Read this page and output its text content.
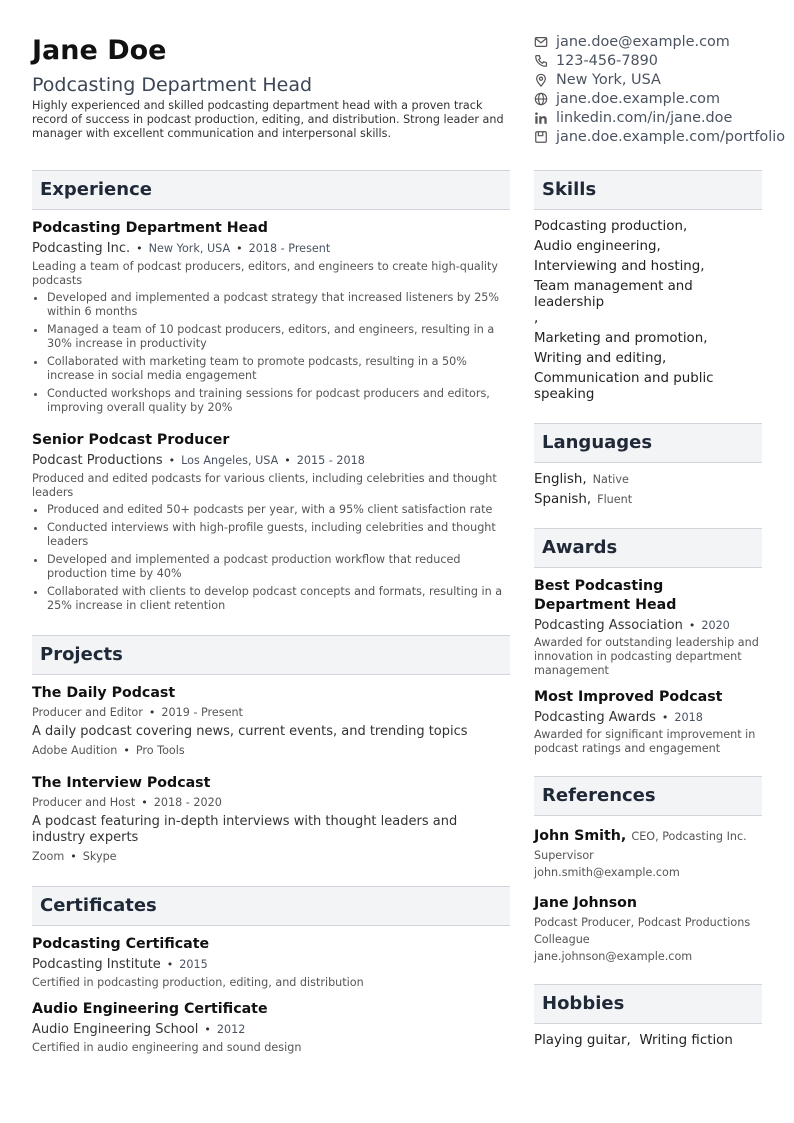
Jane Doe
Podcasting Department Head
Highly experienced and skilled podcasting department head with a proven track record of success in podcast production, editing, and distribution. Strong leader and manager with excellent communication and interpersonal skills.
jane.doe@example.com
123-456-7890
New York, USA
jane.doe.example.com
linkedin.com/in/jane.doe
jane.doe.example.com/portfolio
Experience
Podcasting Department Head
Podcasting Inc. • New York, USA • 2018 - Present
Leading a team of podcast producers, editors, and engineers to create high-quality podcasts
• Developed and implemented a podcast strategy that increased listeners by 25% within 6 months
• Managed a team of 10 podcast producers, editors, and engineers, resulting in a 30% increase in productivity
• Collaborated with marketing team to promote podcasts, resulting in a 50% increase in social media engagement
• Conducted workshops and training sessions for podcast producers and editors, improving overall quality by 20%
Senior Podcast Producer
Podcast Productions • Los Angeles, USA • 2015 - 2018
Produced and edited podcasts for various clients, including celebrities and thought leaders
• Produced and edited 50+ podcasts per year, with a 95% client satisfaction rate
• Conducted interviews with high-profile guests, including celebrities and thought leaders
• Developed and implemented a podcast production workflow that reduced production time by 40%
• Collaborated with clients to develop podcast concepts and formats, resulting in a 25% increase in client retention
Projects
The Daily Podcast
Producer and Editor • 2019 - Present
A daily podcast covering news, current events, and trending topics
Adobe Audition • Pro Tools
The Interview Podcast
Producer and Host • 2018 - 2020
A podcast featuring in-depth interviews with thought leaders and industry experts
Zoom • Skype
Certificates
Podcasting Certificate
Podcasting Institute • 2015
Certified in podcasting production, editing, and distribution
Audio Engineering Certificate
Audio Engineering School • 2012
Certified in audio engineering and sound design
Skills
Podcasting production,
Audio engineering,
Interviewing and hosting,
Team management and leadership
,
Marketing and promotion,
Writing and editing,
Communication and public speaking
Languages
English, Native
Spanish, Fluent
Awards
Best Podcasting Department Head
Podcasting Association • 2020
Awarded for outstanding leadership and innovation in podcasting department management
Most Improved Podcast
Podcasting Awards • 2018
Awarded for significant improvement in podcast ratings and engagement
References
John Smith, CEO, Podcasting Inc.
Supervisor
john.smith@example.com
Jane Johnson
Podcast Producer, Podcast Productions
Colleague
jane.johnson@example.com
Hobbies
Playing guitar,  Writing fiction
